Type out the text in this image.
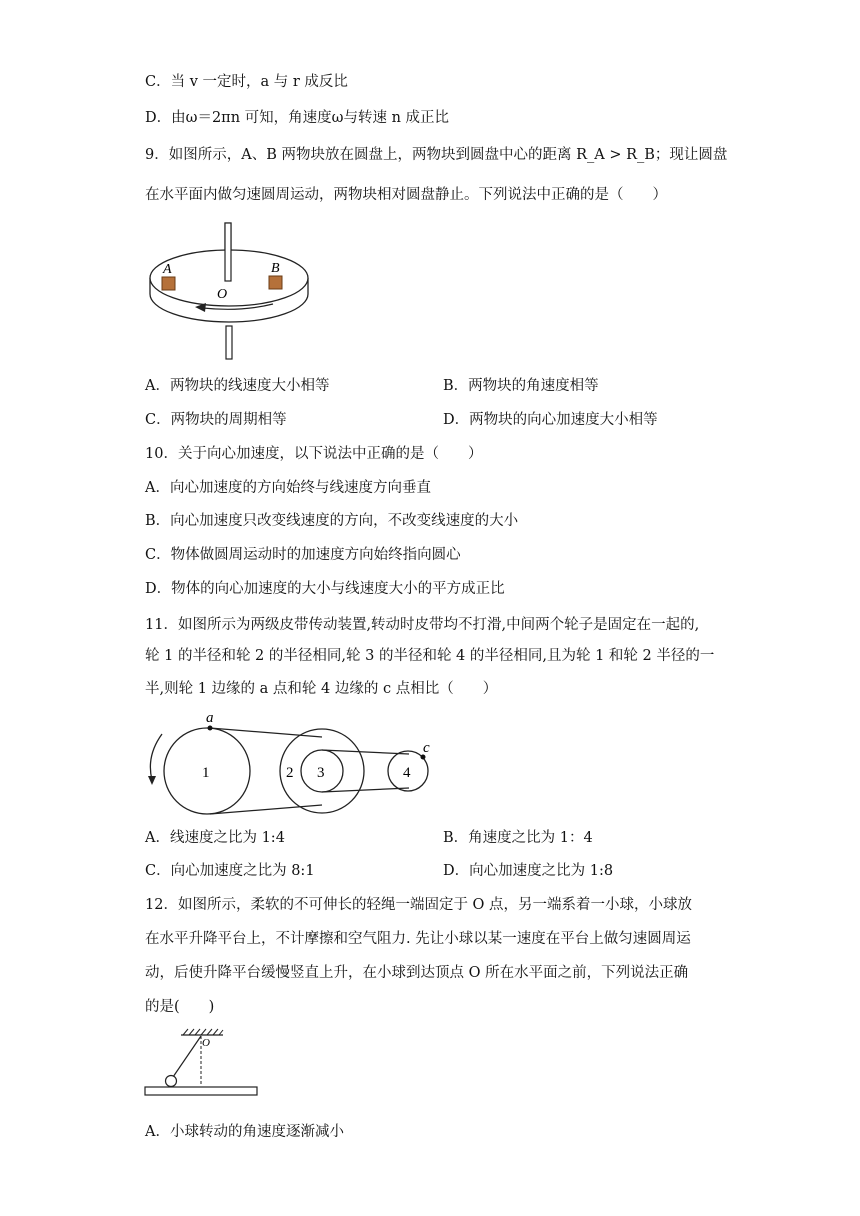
C．当 v 一定时，a 与 r 成反比
D．由ω＝2πn 可知，角速度ω与转速 n 成正比
9．如图所示，A、B 两物块放在圆盘上，两物块到圆盘中心的距离 R_A > R_B；现让圆盘
在水平面内做匀速圆周运动，两物块相对圆盘静止。下列说法中正确的是（　　）
A	B
O
A．两物块的线速度大小相等	B．两物块的角速度相等
C．两物块的周期相等	D．两物块的向心加速度大小相等
10．关于向心加速度，以下说法中正确的是（　　）
A．向心加速度的方向始终与线速度方向垂直
B．向心加速度只改变线速度的方向，不改变线速度的大小
C．物体做圆周运动时的加速度方向始终指向圆心
D．物体的向心加速度的大小与线速度大小的平方成正比
11．如图所示为两级皮带传动装置,转动时皮带均不打滑,中间两个轮子是固定在一起的,
轮 1 的半径和轮 2 的半径相同,轮 3 的半径和轮 4 的半径相同,且为轮 1 和轮 2 半径的一
半,则轮 1 边缘的 a 点和轮 4 边缘的 c 点相比（　　）
a
c
1	2 3	4
A．线速度之比为 1:4	B．角速度之比为 1：4
C．向心加速度之比为 8:1	D．向心加速度之比为 1:8
12．如图所示，柔软的不可伸长的轻绳一端固定于 O 点，另一端系着一小球，小球放
在水平升降平台上，不计摩擦和空气阻力. 先让小球以某一速度在平台上做匀速圆周运
动，后使升降平台缓慢竖直上升，在小球到达顶点 O 所在水平面之前，下列说法正确
的是(　　)
O
A．小球转动的角速度逐渐减小
